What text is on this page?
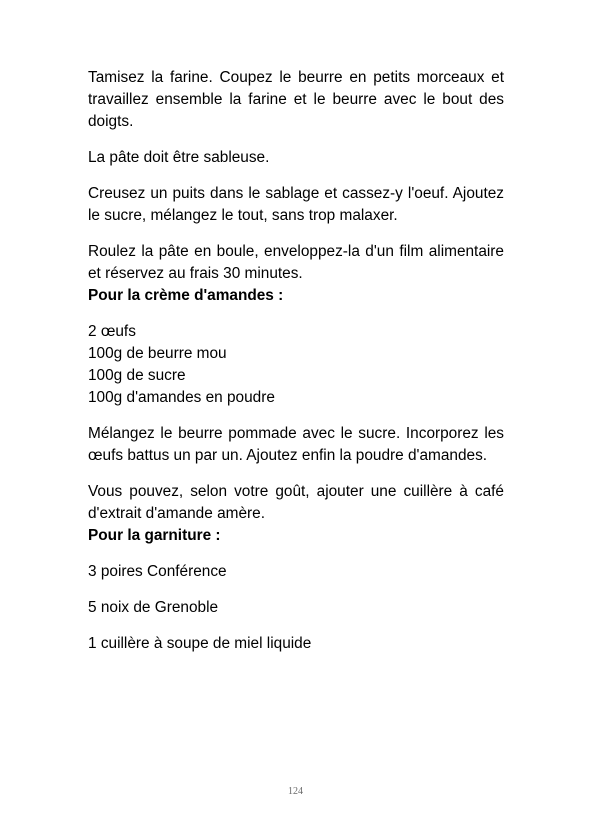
Tamisez la farine. Coupez le beurre en petits morceaux et travaillez ensemble la farine et le beurre avec le bout des doigts.

La pâte doit être sableuse.

Creusez un puits dans le sablage et cassez-y l'oeuf. Ajoutez le sucre, mélangez le tout, sans trop malaxer.

Roulez la pâte en boule, enveloppez-la d'un film alimentaire et réservez au frais 30 minutes.

Pour la crème d'amandes :
2 œufs
100g de beurre mou
100g de sucre
100g d'amandes en poudre

Mélangez le beurre pommade avec le sucre. Incorporez les œufs battus un par un. Ajoutez enfin la poudre d'amandes.

Vous pouvez, selon votre goût, ajouter une cuillère à café d'extrait d'amande amère.

Pour la garniture :

3 poires Conférence

5 noix de Grenoble

1 cuillère à soupe de miel liquide

124
